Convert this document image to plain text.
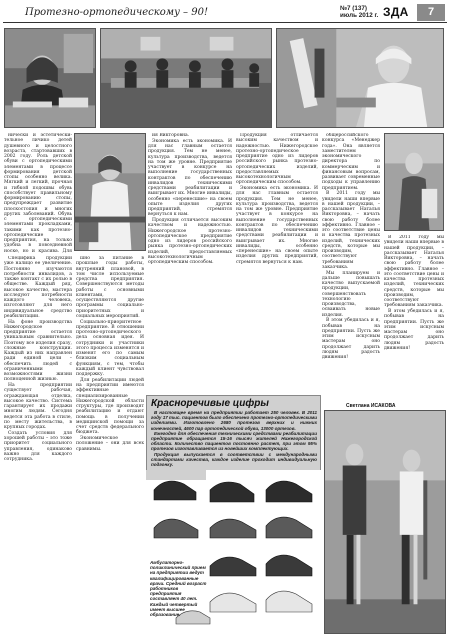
Протезно-ортопедическому – 90!	№7 (137)
июль 2012 г. ЗДА	7

нически и эстетически-тельное личико детей душевного и целостного возраста, стартовавших в 2002 году. Роль детской обуви с ортопедическими элементами в процессе формирования детской стопы особенно велика. Мягкий и легкий, прочная и гибкой подошвы обувь способствует правильному формированию стопы, предупреждает развитие плоскостопия и многих других заболеваний. Обувь с ортопедическими элементами прокладками, такими как протезно-ортопедические предприятия, на только удобна в повседневной носке, но и красива. Для

Специфика продукции уже налицо ее увеличение. Постоянно изучаются потребности инвалидов, а также контакт с их ролью в обществе. Каждый ряд, высокое качество, мастера исследуют потребности каждого человека, изготовляют для него индивидуальное средство реабилитации.

На фоне производства Нижегородское предприятие остается уникальным сравнительно. Поэтому все изделия сразу, сложные конструкции. Каждый из них направлен ради единой цели – обеспечить людей с ограниченными возможностями жизни полноценной жизнью.

На предприятии существует рабочая, ограждающая отделка, высокое качество. Система гарантирует их продажи многим людям. Сегодня ведется эта работа в стиле, по месту жительства, в крупных городах.

Создать условия для хорошей работы – это тоже приоритет социального управления, одинаково важно для каждого сотрудника.

шно за питание в прошлые годы работы, внутренний плановой, в том числе используемые средства предприятия. Совершенствуются методы работы с основными клиентами, осуществляются другие программы социально-приоритетных и социальных мероприятий.

Социально-приоритетное предприятие. В отношении протезно-ортопедического дела основная идея. И сотрудники и участники этого процесса изменятся и изменят его по самым близким социальным функциям, с тем, чтобы каждый клиент чувствовал поддержку.

Для реабилитации людей на предприятии имеются эффективные специализированные Нижегородской области структуры, где производят реабилитацию и отдают помощь в получении медицинской помощи за счет средств федерального бюджета.

Экономическое положение – они для всех сравнимы.

ия Викторовна.

Экономика есть экономика. И для нас главным остается продукция. Тем не менее, культура производства, ведется на том же уровне. Предприятие участвует в конкурсе на выполнение государственных контрактов по обеспечению инвалидов техническими средствами реабилитации и выигрывает их. Многие инвалиды, особенно «перенесшие» на своем опыте изделия других предприятий, стремятся вернуться к нам.

Продукция отличается высоким качеством и надежностью. Нижегородское протезно-ортопедическое предприятие одно из лидеров российского рынка протезно-ортопедических изделий, предоставляемых высокотехнологичным ортопедическим способом.

Продукция отличается высоким качеством и надежностью. Нижегородское протезно-ортопедическое предприятие одно из лидеров российского рынка протезно-ортопедических изделий, предоставляемых высокотехнологичным ортопедическим способом.

Экономика есть экономика. И для нас главным остается продукция. Тем не менее, культура производства, ведется на том же уровне. Предприятие участвует в конкурсе на выполнение государственных контрактов по обеспечению инвалидов техническими средствами реабилитации и выигрывает их. Многие инвалиды, особенно «перенесшие» на своем опыте изделия других предприятий, стремятся вернуться к нам.

общероссийского конкурса «Менеджер года». Она является заместителем экономического директора по коммерческим и финансовым вопросам, развивает современные подходы к управлению предприятием.

В 2011 году мы увидели наши впервые в нашей продукции, – рассказывает Наталья Викторовна, – начать свою работу более эффективно. Главное – это соответствие цены и качества протезных изделий, технических средств, которые мы производим, соответствуют требованиям заказчика.

Мы планируем и дальше повышать качество выпускаемой продукции, совершенствовать технологию производства, осваивать новые изделия.

В этом убедилась и я, побывав на предприятии. Пусть же этим искусным мастерам оно продолжает дарить людям радость движения!

В 2011 году мы увидели наши впервые в нашей продукции, – рассказывает Наталья Викторовна, – начать свою работу более эффективно. Главное – это соответствие цены и качества протезных изделий, технических средств, которые мы производим, соответствуют требованиям заказчика.

В этом убедилась и я, побывав на предприятии. Пусть же этим искусным мастерам оно продолжает дарить людям радость движения!

Светлана ИСАКОВА
Красноречивые цифры

В настоящее время на предприятии работает 250 человек. В 2011 году 17 тыс. пациентов было обеспечено протезно-ортопедическими изделиями. Изготовлено 2680 протезов верхних и нижних конечностей, 4600 пар ортопедической обуви, 13000 ортезов.

Ежегодно для обеспечения техническими средствами реабилитации предприятие обращается 15-16 тысяч жителей Нижегородской области. Количество пациентов постоянно растет, при этом 95% протезов изготавливается из новейших комплектующих.

Продукция выпускается в соответствии с международными стандартами качества, каждое изделие проходит индивидуальную подгонку.

Амбулаторно-поликлинический прием на предприятии ведут квалифицированные врачи. Средний возраст работников предприятия составляет 40 лет. Каждый четвертый имеет высшее образование.
